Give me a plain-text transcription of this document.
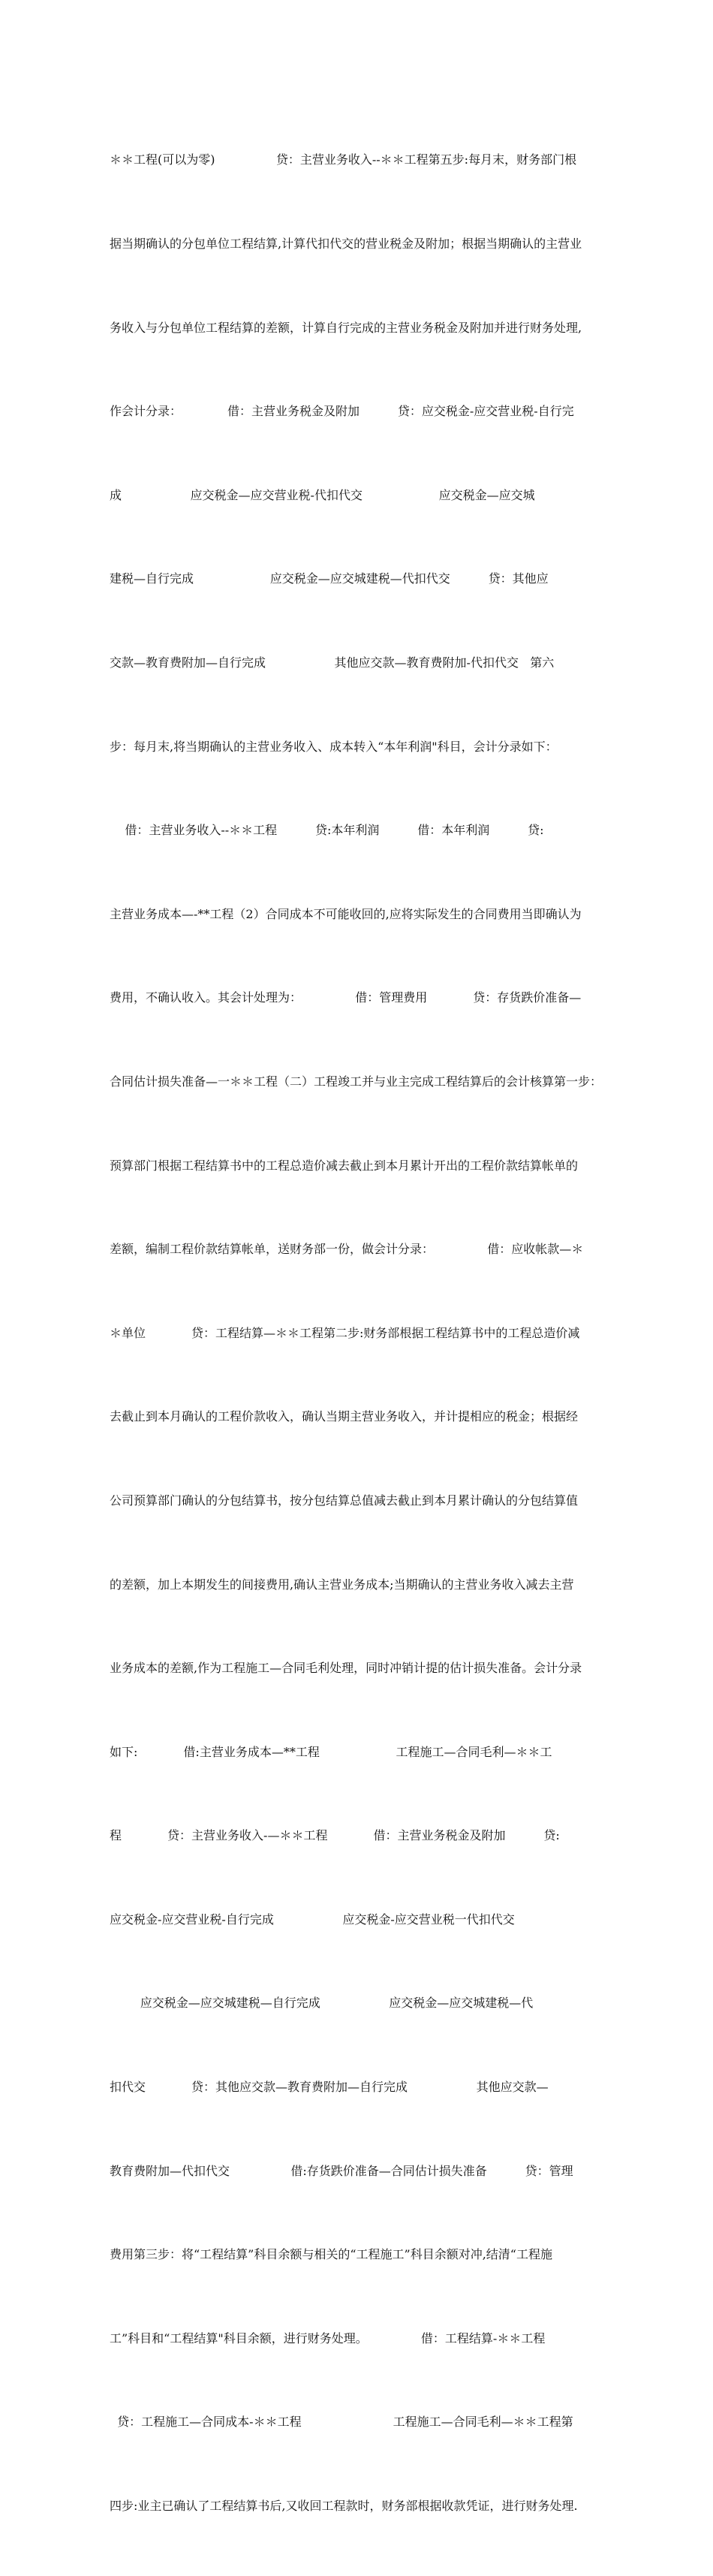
＊＊工程(可以为零)                贷：主营业务收入--＊＊工程第五步:每月末，财务部门根

据当期确认的分包单位工程结算,计算代扣代交的营业税金及附加；根据当期确认的主营业

务收入与分包单位工程结算的差额，计算自行完成的主营业务税金及附加并进行财务处理,

作会计分录：            借：主营业务税金及附加          贷：应交税金-应交营业税-自行完

成                  应交税金—应交营业税-代扣代交                    应交税金—应交城

建税—自行完成                    应交税金—应交城建税—代扣代交          贷：其他应

交款—教育费附加—自行完成                  其他应交款—教育费附加-代扣代交   第六

步：每月末,将当期确认的主营业务收入、成本转入“本年利润"科目，会计分录如下：

借：主营业务收入--＊＊工程          贷:本年利润          借：本年利润          贷:

主营业务成本—-**工程（2）合同成本不可能收回的,应将实际发生的合同费用当即确认为

费用，不确认收入。其会计处理为：              借：管理费用            贷：存货跌价准备—

合同估计损失准备—一＊＊工程（二）工程竣工并与业主完成工程结算后的会计核算第一步：

预算部门根据工程结算书中的工程总造价减去截止到本月累计开出的工程价款结算帐单的

差额，编制工程价款结算帐单，送财务部一份，做会计分录：              借：应收帐款—＊

＊单位            贷：工程结算—＊＊工程第二步:财务部根据工程结算书中的工程总造价减

去截止到本月确认的工程价款收入，确认当期主营业务收入，并计提相应的税金；根据经

公司预算部门确认的分包结算书，按分包结算总值减去截止到本月累计确认的分包结算值

的差额，加上本期发生的间接费用,确认主营业务成本;当期确认的主营业务收入减去主营

业务成本的差额,作为工程施工—合同毛利处理，同时冲销计提的估计损失准备。会计分录

如下:            借:主营业务成本—**工程                    工程施工—合同毛利—＊＊工

程            贷：主营业务收入-—＊＊工程            借：主营业务税金及附加          贷:

应交税金-应交营业税-自行完成                  应交税金-应交营业税一代扣代交

应交税金—应交城建税—自行完成                  应交税金—应交城建税—代

扣代交            贷：其他应交款—教育费附加—自行完成                  其他应交款—

教育费附加—代扣代交                借:存货跌价准备—合同估计损失准备          贷：管理

费用第三步：将“工程结算”科目余额与相关的“工程施工”科目余额对冲,结清“工程施

工”科目和“工程结算"科目余额，进行财务处理。              借：工程结算-＊＊工程

贷：工程施工—合同成本-＊＊工程                        工程施工—合同毛利—＊＊工程第

四步:业主已确认了工程结算书后,又收回工程款时，财务部根据收款凭证，进行财务处理.
